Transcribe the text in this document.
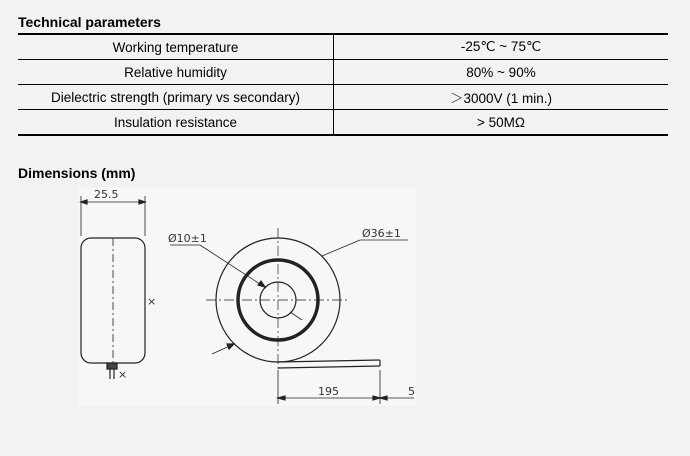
Technical parameters
Working temperature	-25℃ ~ 75℃
Relative humidity	80% ~ 90%
Dielectric strength (primary vs secondary)	＞3000V (1 min.)
Insulation resistance	> 50MΩ
Dimensions (mm)
×
×
25.5
Ø10±1	Ø36±1
195	5
